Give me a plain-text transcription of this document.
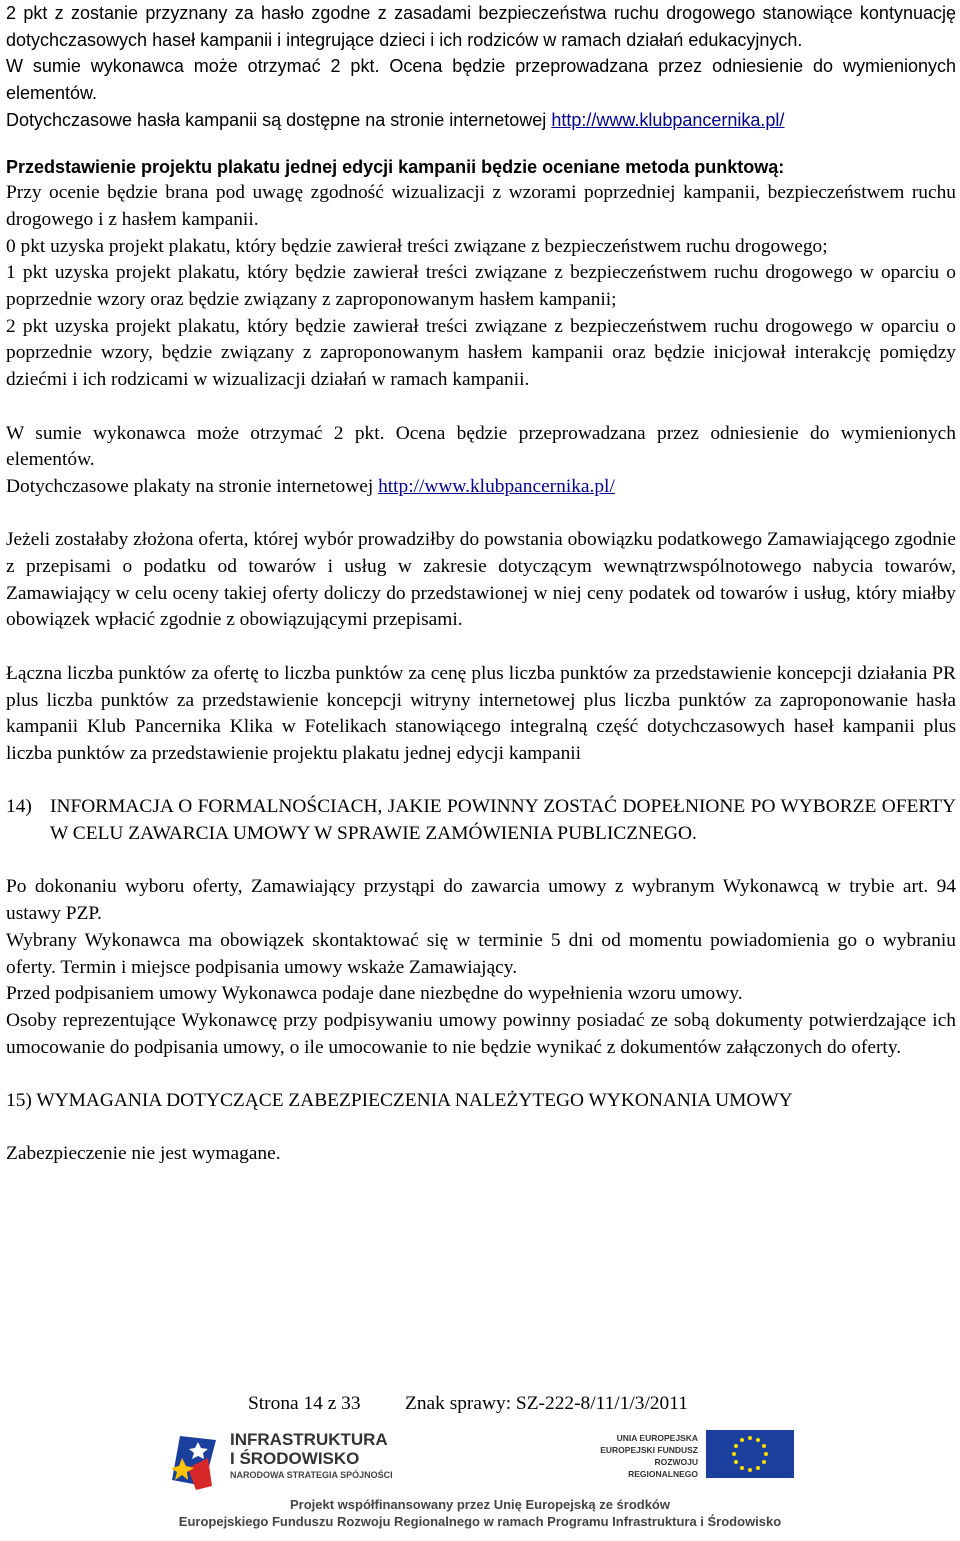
2 pkt z zostanie przyznany za hasło zgodne z zasadami bezpieczeństwa ruchu drogowego stanowiące kontynuację dotychczasowych haseł kampanii i integrujące dzieci i ich rodziców w ramach działań edukacyjnych.

W sumie wykonawca może otrzymać 2 pkt. Ocena będzie przeprowadzana przez odniesienie do wymienionych elementów.

Dotychczasowe hasła kampanii są dostępne na stronie internetowej http://www.klubpancernika.pl/

Przedstawienie projektu plakatu jednej edycji kampanii będzie oceniane metoda punktową:

Przy ocenie będzie brana pod uwagę zgodność wizualizacji z wzorami poprzedniej kampanii, bezpieczeństwem ruchu drogowego i z hasłem kampanii.

0 pkt uzyska projekt plakatu, który będzie zawierał treści związane z bezpieczeństwem ruchu drogowego;

1 pkt uzyska projekt plakatu, który będzie zawierał treści związane z bezpieczeństwem ruchu drogowego w oparciu o poprzednie wzory oraz będzie związany z zaproponowanym hasłem kampanii;

2 pkt uzyska projekt plakatu, który będzie zawierał treści związane z bezpieczeństwem ruchu drogowego w oparciu o poprzednie wzory, będzie związany z zaproponowanym hasłem kampanii oraz będzie inicjował interakcję pomiędzy dziećmi i ich rodzicami w wizualizacji działań w ramach kampanii.

W sumie wykonawca może otrzymać 2 pkt. Ocena będzie przeprowadzana przez odniesienie do wymienionych elementów.

Dotychczasowe plakaty na stronie internetowej http://www.klubpancernika.pl/

Jeżeli zostałaby złożona oferta, której wybór prowadziłby do powstania obowiązku podatkowego Zamawiającego zgodnie z przepisami o podatku od towarów i usług w zakresie dotyczącym wewnątrzwspólnotowego nabycia towarów, Zamawiający w celu oceny takiej oferty doliczy do przedstawionej w niej ceny podatek od towarów i usług, który miałby obowiązek wpłacić zgodnie z obowiązującymi przepisami.

Łączna liczba punktów za ofertę to liczba punktów za cenę plus liczba punktów za przedstawienie koncepcji działania PR plus liczba punktów za przedstawienie koncepcji witryny internetowej plus liczba punktów za zaproponowanie hasła kampanii Klub Pancernika Klika w Fotelikach stanowiącego integralną część dotychczasowych haseł kampanii plus liczba punktów za przedstawienie projektu plakatu jednej edycji kampanii

14) INFORMACJA O FORMALNOŚCIACH, JAKIE POWINNY ZOSTAĆ DOPEŁNIONE PO WYBORZE OFERTY W CELU ZAWARCIA UMOWY W SPRAWIE ZAMÓWIENIA PUBLICZNEGO.

Po dokonaniu wyboru oferty, Zamawiający przystąpi do zawarcia umowy z wybranym Wykonawcą w trybie art. 94 ustawy PZP.

Wybrany Wykonawca ma obowiązek skontaktować się w terminie 5 dni od momentu powiadomienia go o wybraniu oferty. Termin i miejsce podpisania umowy wskaże Zamawiający.

Przed podpisaniem umowy Wykonawca podaje dane niezbędne do wypełnienia wzoru umowy.

Osoby reprezentujące Wykonawcę przy podpisywaniu umowy powinny posiadać ze sobą dokumenty potwierdzające ich umocowanie do podpisania umowy, o ile umocowanie to nie będzie wynikać z dokumentów załączonych do oferty.

15) WYMAGANIA DOTYCZĄCE ZABEZPIECZENIA NALEŻYTEGO WYKONANIA UMOWY

Zabezpieczenie nie jest wymagane.

Strona 14 z 33 Znak sprawy: SZ-222-8/11/1/3/2011
INFRASTRUKTURA
I ŚRODOWISKO
NARODOWA STRATEGIA SPÓJNOŚCI
UNIA EUROPEJSKA
EUROPEJSKI FUNDUSZ
ROZWOJU REGIONALNEGO
Projekt współfinansowany przez Unię Europejską ze środków
Europejskiego Funduszu Rozwoju Regionalnego w ramach Programu Infrastruktura i Środowisko
